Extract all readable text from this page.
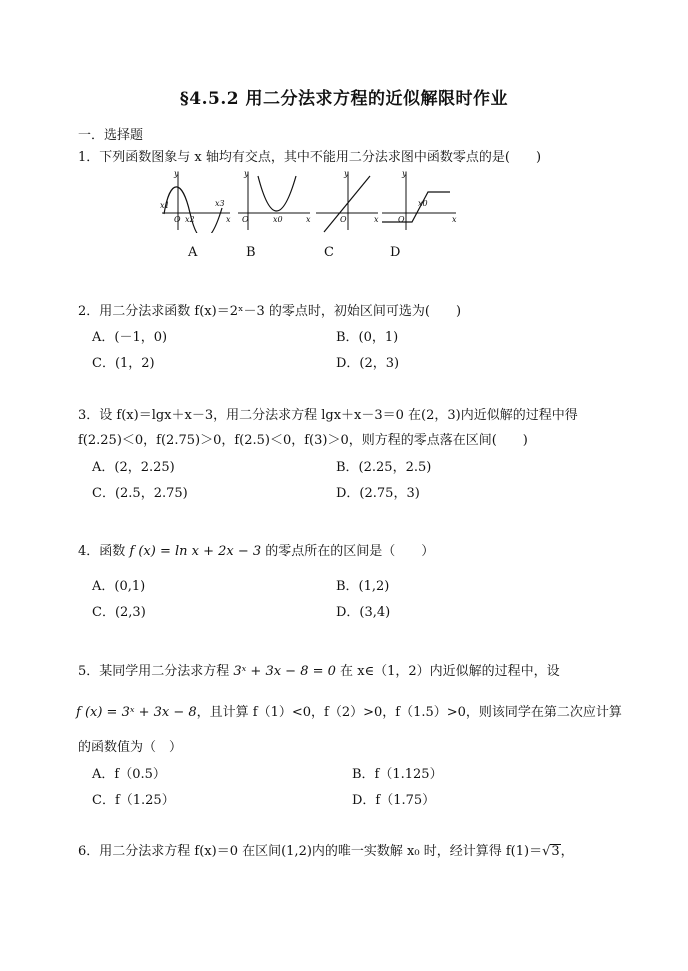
§4.5.2 用二分法求方程的近似解限时作业
一．选择题
1．下列函数图象与 x 轴均有交点，其中不能用二分法求图中函数零点的是(　　)
y
x
O
x1
x2
x3
y
x
O	x0
y
x
O
y
x
O
x0
A	B	C	D
2．用二分法求函数 f(x)＝2ˣ－3 的零点时，初始区间可选为(　　)
A．(－1，0)	B．(0，1)
C．(1，2)	D．(2，3)
3．设 f(x)＝lgx＋x－3，用二分法求方程 lgx＋x－3＝0 在(2，3)内近似解的过程中得
f(2.25)＜0，f(2.75)＞0，f(2.5)＜0，f(3)＞0，则方程的零点落在区间(　　)
A．(2，2.25)	B．(2.25，2.5)
C．(2.5，2.75)	D．(2.75，3)
4．函数 f (x) = ln x + 2x − 3 的零点所在的区间是（　　）
A．(0,1)	B．(1,2)
C．(2,3)	D．(3,4)
5．某同学用二分法求方程 3ˣ + 3x − 8 = 0 在 x∈（1，2）内近似解的过程中，设
f (x) = 3ˣ + 3x − 8，且计算 f（1）<0，f（2）>0，f（1.5）>0，则该同学在第二次应计算
的函数值为（　）
A．f（0.5）	B．f（1.125）
C．f（1.25）	D．f（1.75）
6．用二分法求方程 f(x)＝0 在区间(1,2)内的唯一实数解 x₀ 时，经计算得 f(1)＝√3，
